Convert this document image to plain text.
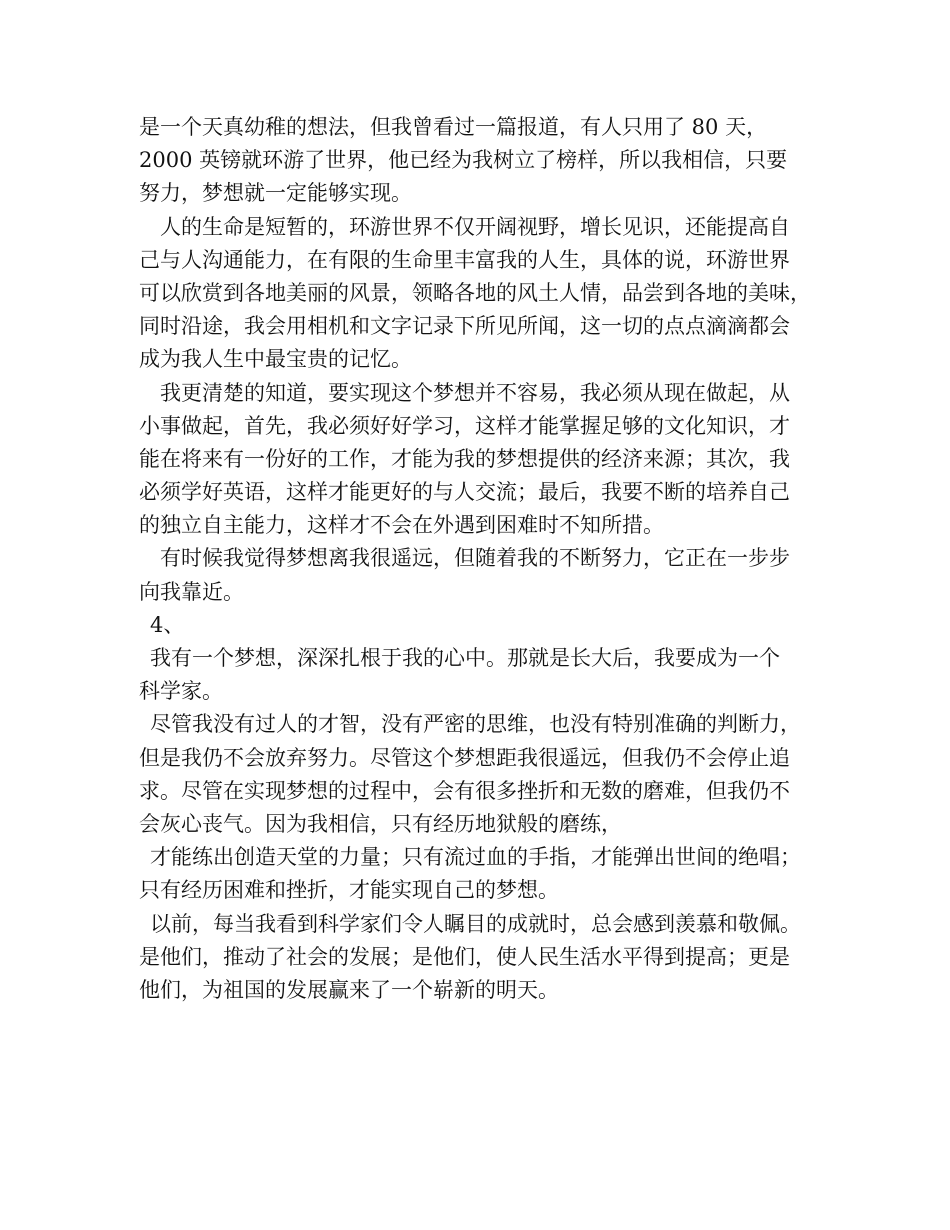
是一个天真幼稚的想法，但我曾看过一篇报道，有人只用了 80 天，
2000 英镑就环游了世界，他已经为我树立了榜样，所以我相信，只要
努力，梦想就一定能够实现。
人的生命是短暂的，环游世界不仅开阔视野，增长见识，还能提高自
己与人沟通能力，在有限的生命里丰富我的人生，具体的说，环游世界
可以欣赏到各地美丽的风景，领略各地的风土人情，品尝到各地的美味，
同时沿途，我会用相机和文字记录下所见所闻，这一切的点点滴滴都会
成为我人生中最宝贵的记忆。
我更清楚的知道，要实现这个梦想并不容易，我必须从现在做起，从
小事做起，首先，我必须好好学习，这样才能掌握足够的文化知识，才
能在将来有一份好的工作，才能为我的梦想提供的经济来源；其次，我
必须学好英语，这样才能更好的与人交流；最后，我要不断的培养自己
的独立自主能力，这样才不会在外遇到困难时不知所措。
有时候我觉得梦想离我很遥远，但随着我的不断努力，它正在一步步
向我靠近。
4、
我有一个梦想，深深扎根于我的心中。那就是长大后，我要成为一个
科学家。
尽管我没有过人的才智，没有严密的思维，也没有特别准确的判断力，
但是我仍不会放弃努力。尽管这个梦想距我很遥远，但我仍不会停止追
求。尽管在实现梦想的过程中，会有很多挫折和无数的磨难，但我仍不
会灰心丧气。因为我相信，只有经历地狱般的磨练，
才能练出创造天堂的力量；只有流过血的手指，才能弹出世间的绝唱；
只有经历困难和挫折，才能实现自己的梦想。
以前，每当我看到科学家们令人瞩目的成就时，总会感到羡慕和敬佩。
是他们，推动了社会的发展；是他们，使人民生活水平得到提高；更是
他们，为祖国的发展赢来了一个崭新的明天。
